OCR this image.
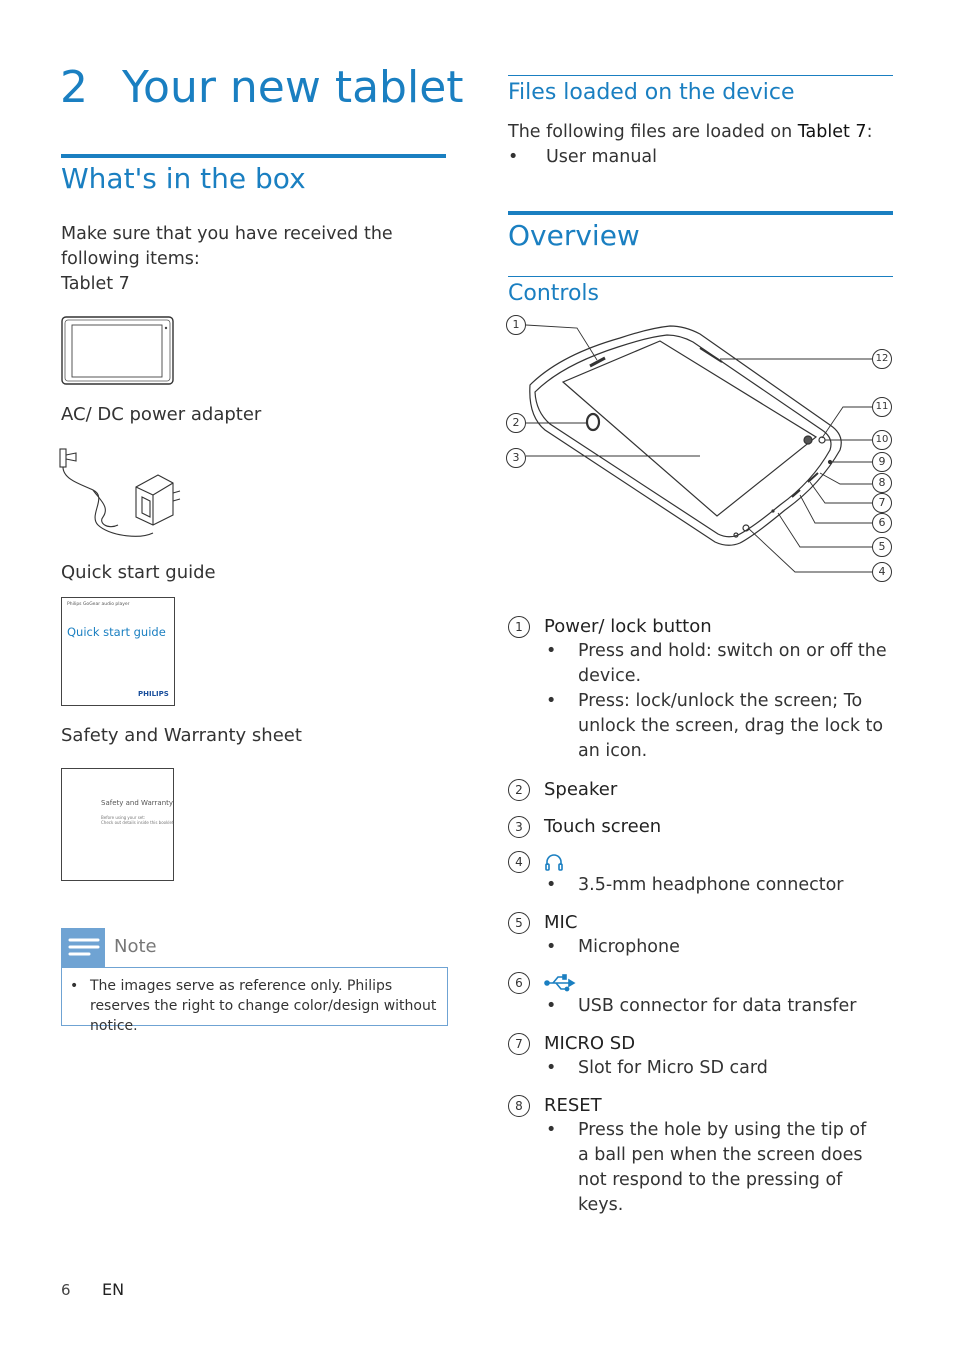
2 Your new tablet
What's in the box
Make sure that you have received the following items:
Tablet 7
AC/ DC power adapter
Quick start guide
Philips GoGear audio player
Quick start guide
PHILIPS
Safety and Warranty sheet
Safety and Warranty
Before using your set:
Check out details inside this booklet
Note
• The images serve as reference only. Philips reserves the right to change color/design without notice.
Files loaded on the device
The following files are loaded on Tablet 7:
• User manual
Overview
Controls
1
2
3
4
5
6
7
8
9
10
11
12
1	Power/ lock button
• Press and hold: switch on or off the device.
• Press: lock/unlock the screen; To unlock the screen, drag the lock to an icon.
2	Speaker
3	Touch screen
4
• 3.5-mm headphone connector
5	MIC
• Microphone
6
• USB connector for data transfer
7	MICRO SD
• Slot for Micro SD card
8	RESET
• Press the hole by using the tip of a ball pen when the screen does not respond to the pressing of keys.
6 EN
